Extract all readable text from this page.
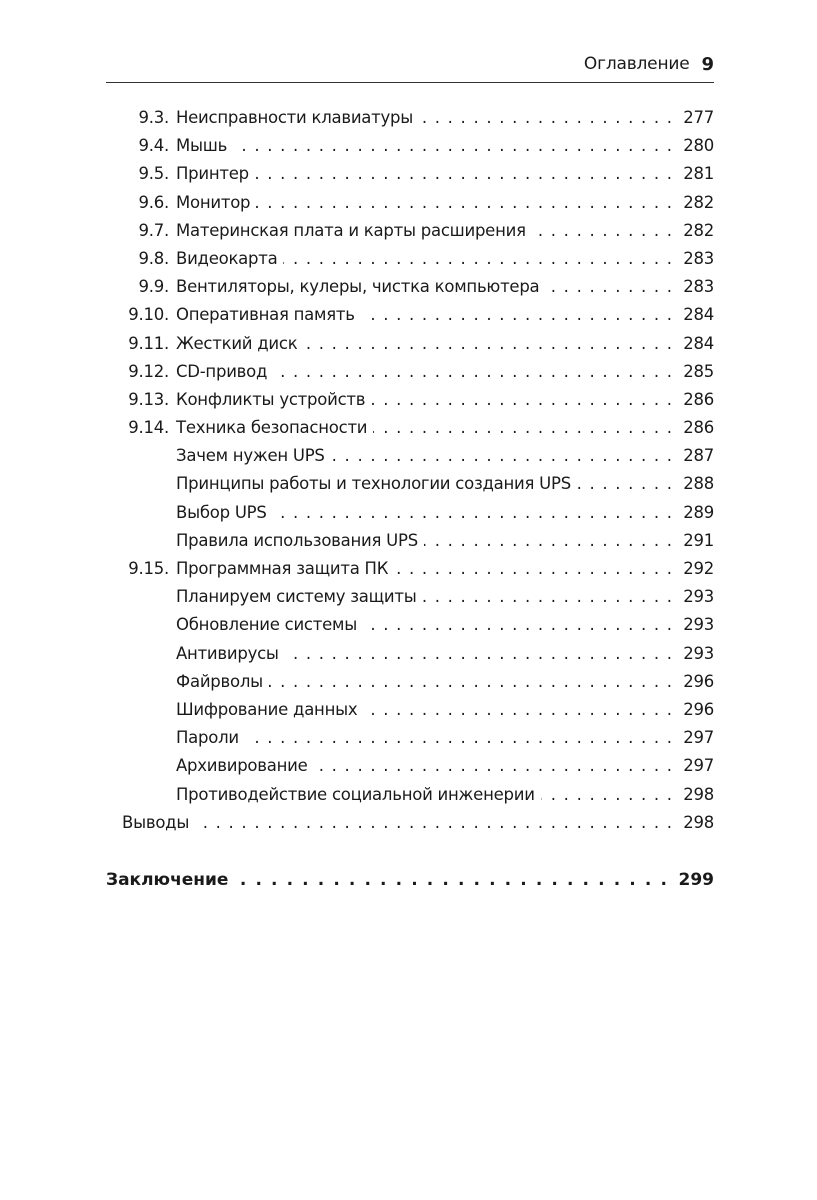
Оглавление 9
9.3. Неисправности клавиатуры . . .	277
9.4. Мышь . . .	280
9.5. Принтер . . .	281
9.6. Монитор . . .	282
9.7. Материнская плата и карты расширения . . .	282
9.8. Видеокарта . . .	283
9.9. Вентиляторы, кулеры, чистка компьютера . . .	283
9.10. Оперативная память . . .	284
9.11. Жесткий диск . . .	284
9.12. CD-привод . . .	285
9.13. Конфликты устройств . . .	286
9.14. Техника безопасности . . .	286
Зачем нужен UPS . . .	287
Принципы работы и технологии создания UPS . . .	288
Выбор UPS . . .	289
Правила использования UPS . . .	291
9.15. Программная защита ПК . . .	292
Планируем систему защиты . . .	293
Обновление системы . . .	293
Антивирусы . . .	293
Файрволы . . .	296
Шифрование данных . . .	296
Пароли . . .	297
Архивирование . . .	297
Противодействие социальной инженерии . . .	298
Выводы . . .	298
Заключение . . .	299
